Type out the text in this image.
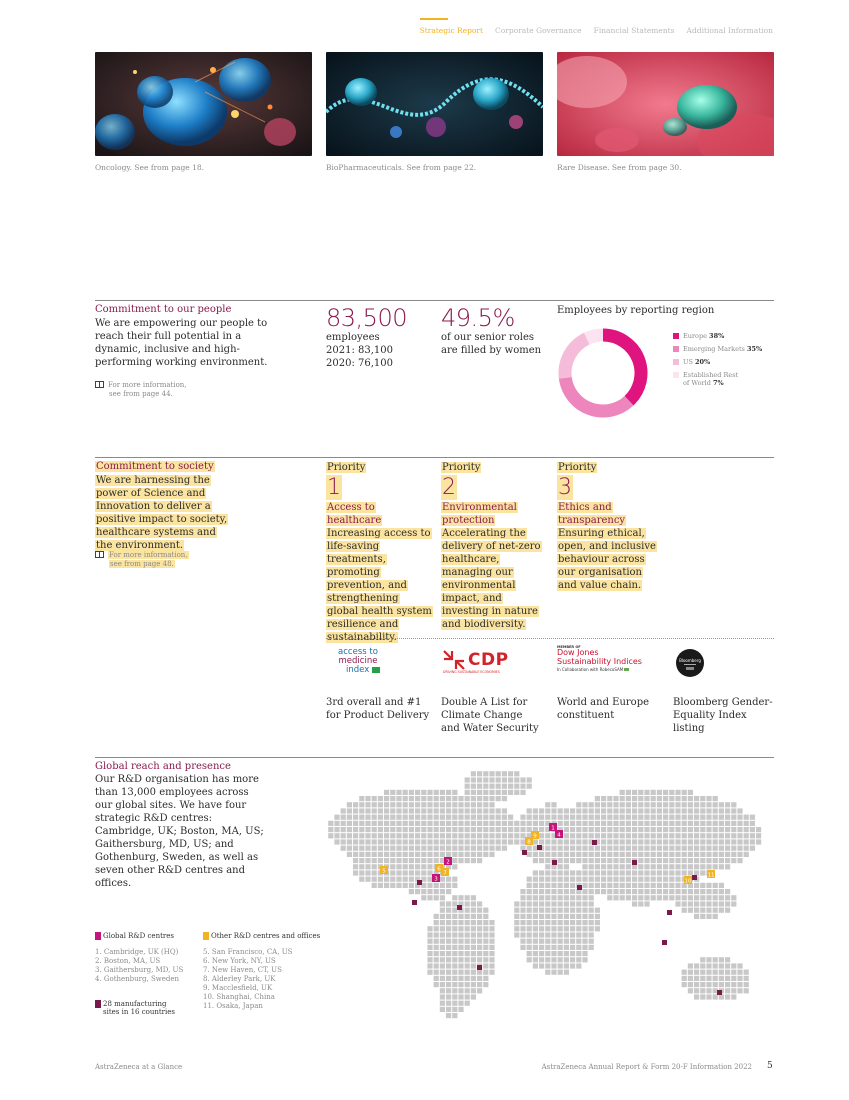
Strategic Report Corporate Governance Financial Statements Additional Information
Oncology. See from page 18.	BioPharmaceuticals. See from page 22.	Rare Disease. See from page 30.
Commitment to our people
We are empowering our people to reach their full potential in a dynamic, inclusive and high-performing working environment.
For more information,
see from page 44.
83,500
employees
2021: 83,100
2020: 76,100
49.5%
of our senior roles
are filled by women
Employees by reporting region
Europe 38%
Emerging Markets 35%
US 20%
Established Rest
of World 7%
Commitment to society
We are harnessing the power of Science and Innovation to deliver a positive impact to society, healthcare systems and the environment.
For more information,
see from page 48.
Priority
1
Access to healthcare
Increasing access to life-saving treatments, promoting prevention, and strengthening global health system resilience and sustainability.
Priority
2
Environmental protection
Accelerating the delivery of net-zero healthcare, managing our environmental impact, and investing in nature and biodiversity.
Priority
3
Ethics and transparency
Ensuring ethical, open, and inclusive behaviour across our organisation and value chain.
access to
medicine
index	CDP
DRIVING SUSTAINABLE ECONOMIES
MEMBER OF
Dow Jones
Sustainability Indices
In Collaboration with RobecoSAM
Bloomberg
3rd overall and #1 for Product Delivery
Double A List for Climate Change and Water Security
World and Europe constituent
Bloomberg Gender-Equality Index listing
Global reach and presence
Our R&D organisation has more than 13,000 employees across our global sites. We have four strategic R&D centres: Cambridge, UK; Boston, MA, US; Gaithersburg, MD, US; and Gothenburg, Sweden, as well as seven other R&D centres and offices.
Global R&D centres	Other R&D centres and offices
1. Cambridge, UK (HQ)
2. Boston, MA, US
3. Gaithersburg, MD, US
4. Gothenburg, Sweden
5. San Francisco, CA, US
6. New York, NY, US
7. New Haven, CT, US
8. Alderley Park, UK
9. Macclesfield, UK
10. Shanghai, China
11. Osaka, Japan
28 manufacturing
sites in 16 countries
1
2
3
4
5	6
7
8
9
10
11
AstraZeneca at a Glance	AstraZeneca Annual Report & Form 20-F Information 2022 5
